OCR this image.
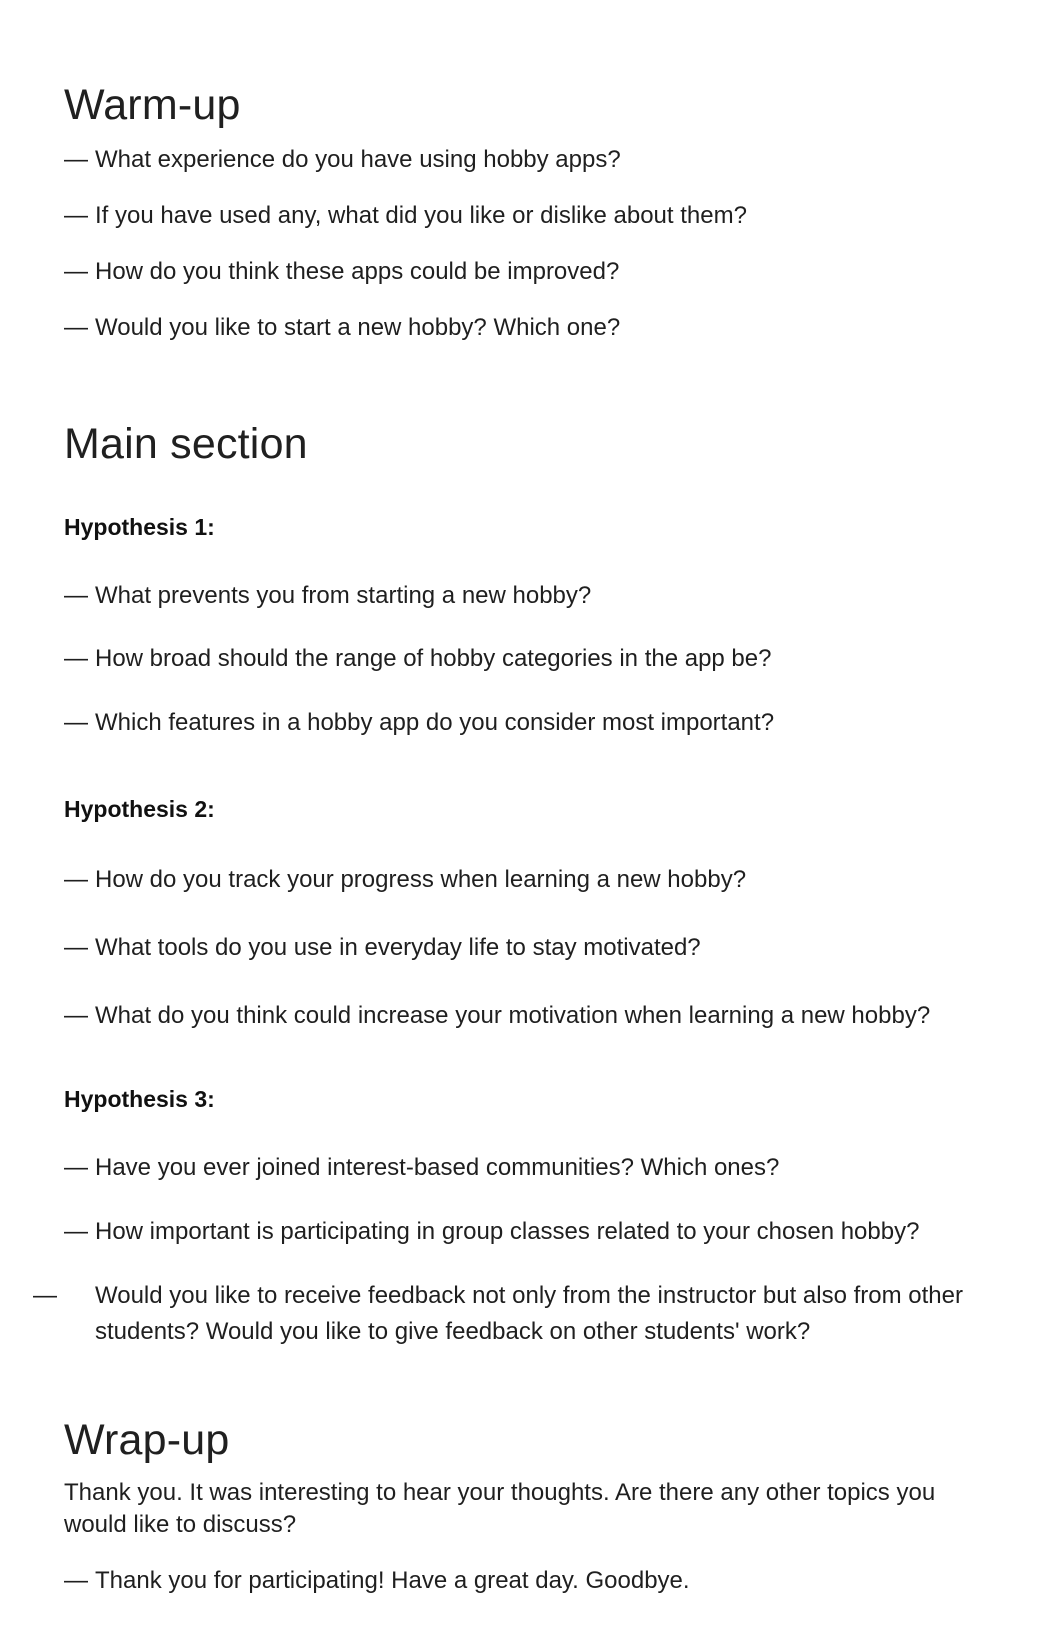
Warm-up
— What experience do you have using hobby apps?
— If you have used any, what did you like or dislike about them?
— How do you think these apps could be improved?
— Would you like to start a new hobby? Which one?
Main section
Hypothesis 1:
— What prevents you from starting a new hobby?
— How broad should the range of hobby categories in the app be?
— Which features in a hobby app do you consider most important?
Hypothesis 2:
— How do you track your progress when learning a new hobby?
— What tools do you use in everyday life to stay motivated?
— What do you think could increase your motivation when learning a new hobby?
Hypothesis 3:
— Have you ever joined interest-based communities? Which ones?
— How important is participating in group classes related to your chosen hobby?
— Would you like to receive feedback not only from the instructor but also from other students? Would you like to give feedback on other students' work?
Wrap-up
Thank you. It was interesting to hear your thoughts. Are there any other topics you would like to discuss?
— Thank you for participating! Have a great day. Goodbye.
